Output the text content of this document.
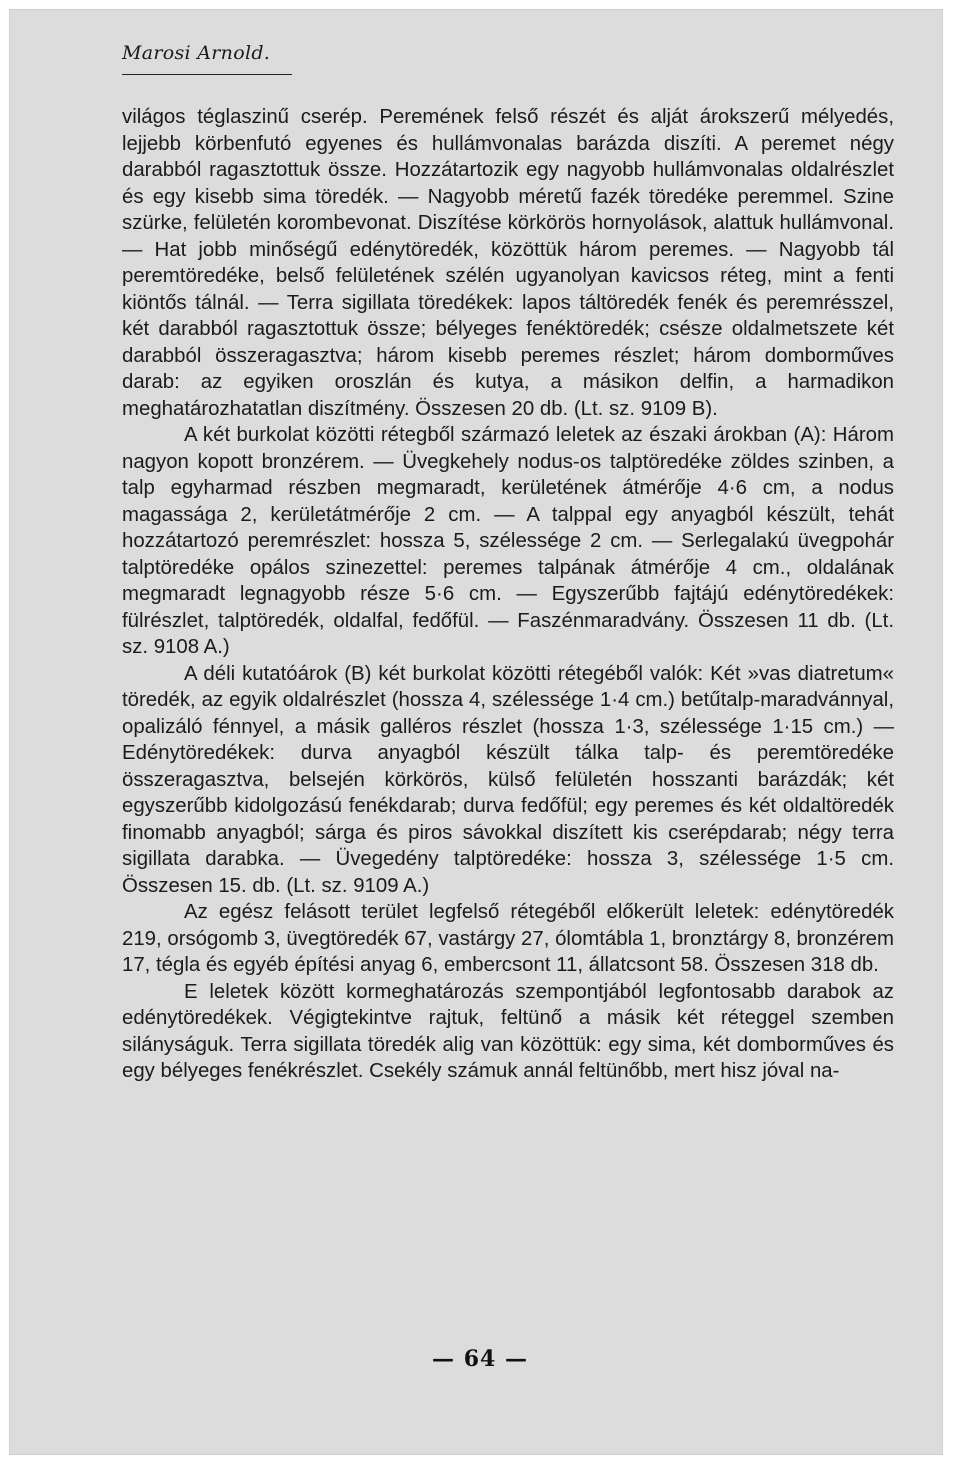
Marosi Arnold.

világos téglaszinű cserép. Peremének felső részét és alját árokszerű mélyedés, lejjebb körbenfutó egyenes és hullámvonalas barázda diszíti. A peremet négy darabból ragasztottuk össze. Hozzátartozik egy nagyobb hullámvonalas oldalrészlet és egy kisebb sima töredék. — Nagyobb méretű fazék töredéke peremmel. Szine szürke, felületén korombevonat. Diszítése körkörös hornyolások, alattuk hullámvonal. — Hat jobb minőségű edénytöredék, közöttük három peremes. — Nagyobb tál peremtöredéke, belső felületének szélén ugyanolyan kavicsos réteg, mint a fenti kiöntős tálnál. — Terra sigillata töredékek: lapos táltöredék fenék és peremrésszel, két darabból ragasztottuk össze; bélyeges fenéktöredék; csésze oldalmetszete két darabból összeragasztva; három kisebb peremes részlet; három domborműves darab: az egyiken oroszlán és kutya, a másikon delfin, a harmadikon meghatározhatatlan diszítmény. Összesen 20 db. (Lt. sz. 9109 B).

A két burkolat közötti rétegből származó leletek az északi árokban (A): Három nagyon kopott bronzérem. — Üvegkehely nodus-os talptöredéke zöldes szinben, a talp egyharmad részben megmaradt, kerületének átmérője 4·6 cm, a nodus magassága 2, kerületátmérője 2 cm. — A talppal egy anyagból készült, tehát hozzátartozó peremrészlet: hossza 5, szélessége 2 cm. — Serlegalakú üvegpohár talptöredéke opálos szinezettel: peremes talpának átmérője 4 cm., oldalának megmaradt legnagyobb része 5·6 cm. — Egyszerűbb fajtájú edénytöredékek: fülrészlet, talptöredék, oldalfal, fedőfül. — Faszénmaradvány. Összesen 11 db. (Lt. sz. 9108 A.)

A déli kutatóárok (B) két burkolat közötti rétegéből valók: Két »vas diatretum« töredék, az egyik oldalrészlet (hossza 4, szélessége 1·4 cm.) betűtalp-maradvánnyal, opalizáló fénnyel, a másik galléros részlet (hossza 1·3, szélessége 1·15 cm.) — Edénytöredékek: durva anyagból készült tálka talp- és peremtöredéke összeragasztva, belsején körkörös, külső felületén hosszanti barázdák; két egyszerűbb kidolgozású fenékdarab; durva fedőfül; egy peremes és két oldaltöredék finomabb anyagból; sárga és piros sávokkal diszített kis cserépdarab; négy terra sigillata darabka. — Üvegedény talptöredéke: hossza 3, szélessége 1·5 cm. Összesen 15. db. (Lt. sz. 9109 A.)

Az egész felásott terület legfelső rétegéből előkerült leletek: edénytöredék 219, orsógomb 3, üvegtöredék 67, vastárgy 27, ólomtábla 1, bronztárgy 8, bronzérem 17, tégla és egyéb építési anyag 6, embercsont 11, állatcsont 58. Összesen 318 db.

E leletek között kormeghatározás szempontjából legfontosabb darabok az edénytöredékek. Végigtekintve rajtuk, feltünő a másik két réteggel szemben silányságuk. Terra sigillata töredék alig van közöttük: egy sima, két domborműves és egy bélyeges fenékrészlet. Csekély számuk annál feltünőbb, mert hisz jóval na-

— 64 —
